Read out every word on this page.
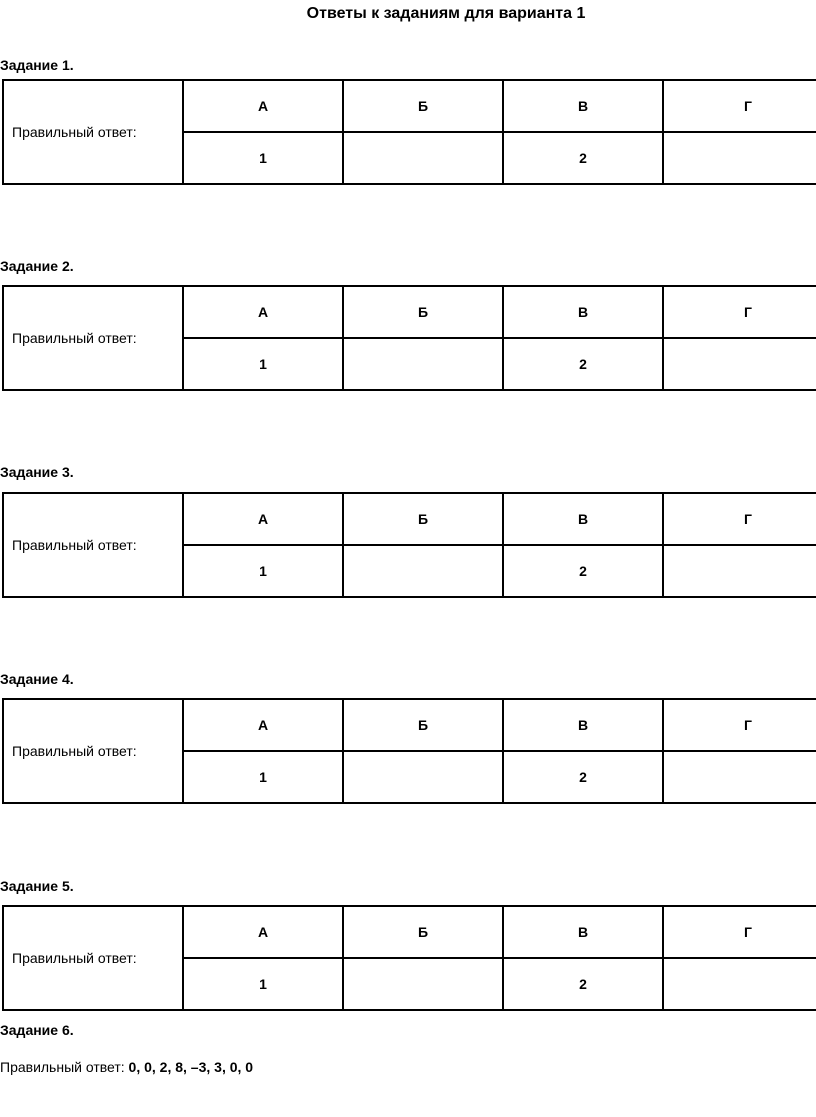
Ответы к заданиям для варианта 1
Задание 1.
Правильный ответ:	А	Б	В	Г
	1		2	
Задание 2.
Правильный ответ:	А	Б	В	Г
	1		2	
Задание 3.
Правильный ответ:	А	Б	В	Г
	1		2	
Задание 4.
Правильный ответ:	А	Б	В	Г
	1		2	
Задание 5.
Правильный ответ:	А	Б	В	Г
	1		2	
Задание 6.
Правильный ответ: 0, 0, 2, 8, –3, 3, 0, 0
